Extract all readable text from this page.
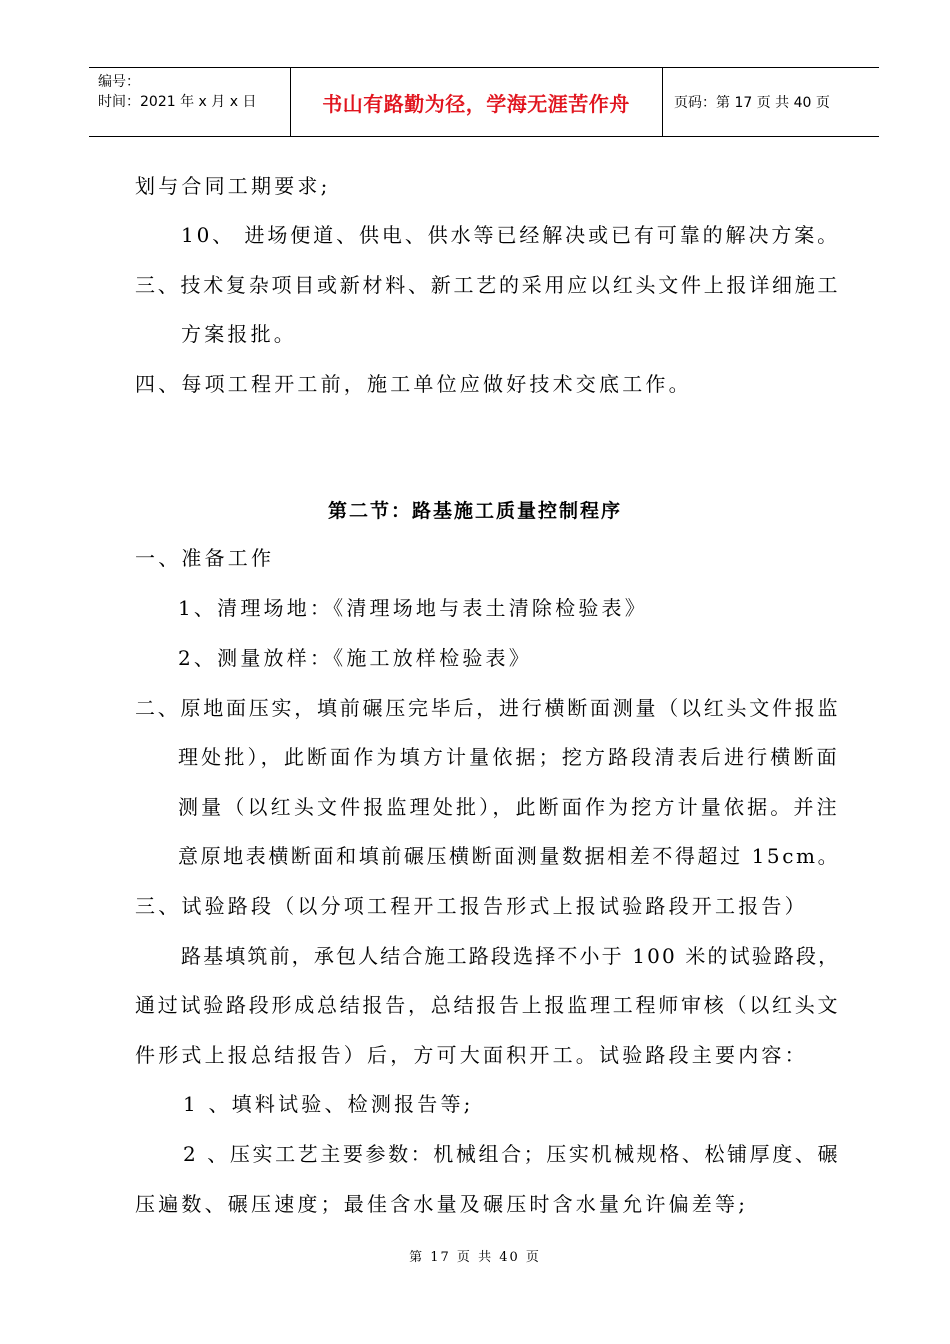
编号：
时间：2021 年 x 月 x 日	书山有路勤为径，学海无涯苦作舟	页码：第 17 页 共 40 页
划与合同工期要求;
10、 进场便道、供电、供水等已经解决或已有可靠的解决方案。
三、技术复杂项目或新材料、新工艺的采用应以红头文件上报详细施工
方案报批。
四、每项工程开工前，施工单位应做好技术交底工作。
第二节：路基施工质量控制程序
一、准备工作
1、清理场地：《清理场地与表土清除检验表》
2、测量放样：《施工放样检验表》
二、原地面压实，填前碾压完毕后，进行横断面测量（以红头文件报监
理处批），此断面作为填方计量依据；挖方路段清表后进行横断面
测量（以红头文件报监理处批），此断面作为挖方计量依据。并注
意原地表横断面和填前碾压横断面测量数据相差不得超过 15cm。
三、试验路段（以分项工程开工报告形式上报试验路段开工报告）
路基填筑前，承包人结合施工路段选择不小于 100 米的试验路段，
通过试验路段形成总结报告，总结报告上报监理工程师审核（以红头文
件形式上报总结报告）后，方可大面积开工。试验路段主要内容：
1 、填料试验、检测报告等;
2 、压实工艺主要参数：机械组合；压实机械规格、松铺厚度、碾
压遍数、碾压速度；最佳含水量及碾压时含水量允许偏差等;
第 17 页 共 40 页
